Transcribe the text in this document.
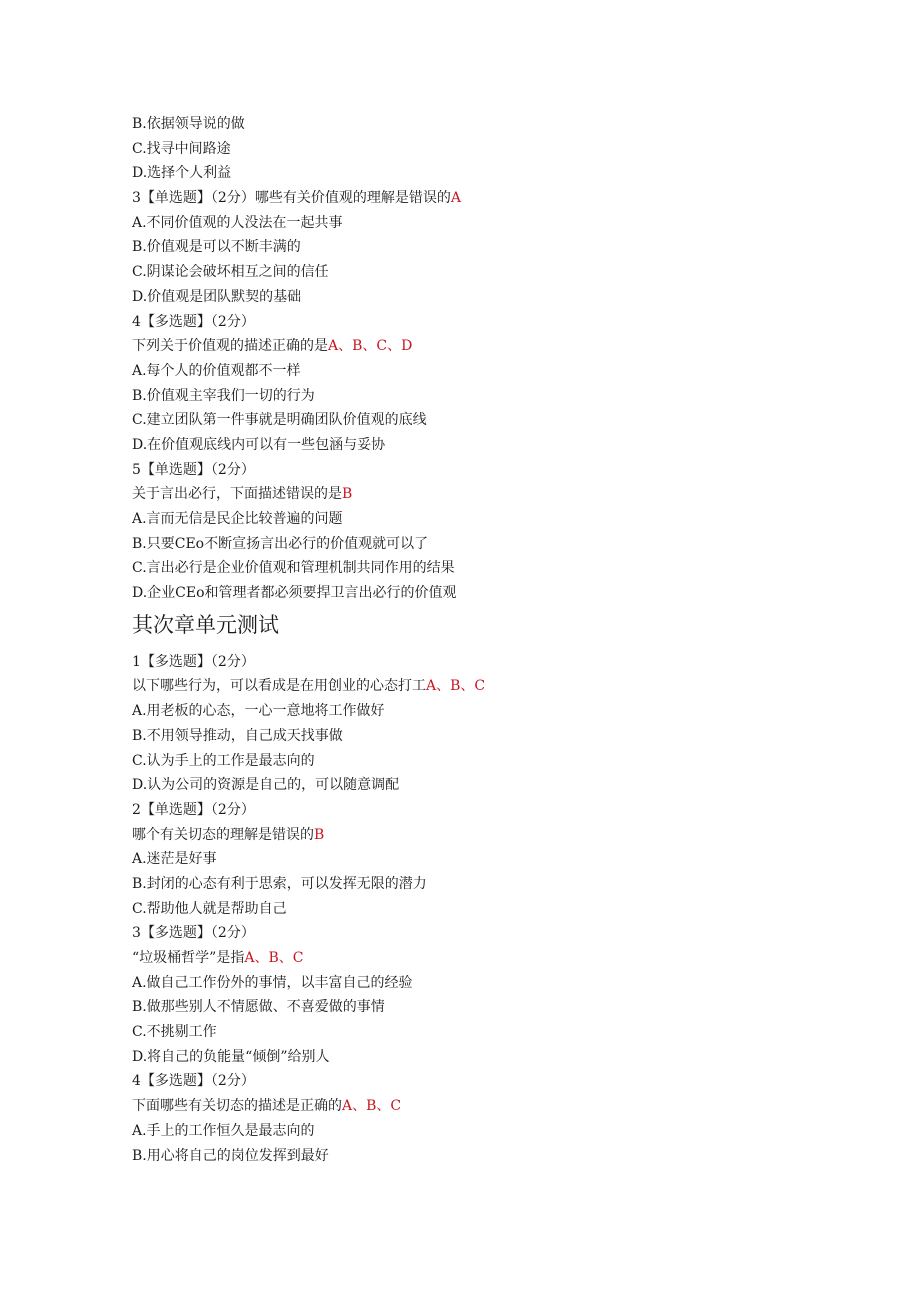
B.依据领导说的做
C.找寻中间路途
D.选择个人利益
3【单选题】（2分）哪些有关价值观的理解是错误的A
A.不同价值观的人没法在一起共事
B.价值观是可以不断丰满的
C.阴谋论会破坏相互之间的信任
D.价值观是团队默契的基础
4【多选题】（2分）
下列关于价值观的描述正确的是A、B、C、D
A.每个人的价值观都不一样
B.价值观主宰我们一切的行为
C.建立团队第一件事就是明确团队价值观的底线
D.在价值观底线内可以有一些包涵与妥协
5【单选题】（2分）
关于言出必行，下面描述错误的是B
A.言而无信是民企比较普遍的问题
B.只要CEo不断宣扬言出必行的价值观就可以了
C.言出必行是企业价值观和管理机制共同作用的结果
D.企业CEo和管理者都必须要捍卫言出必行的价值观
其次章单元测试
1【多选题】（2分）
以下哪些行为，可以看成是在用创业的心态打工A、B、C
A.用老板的心态，一心一意地将工作做好
B.不用领导推动，自己成天找事做
C.认为手上的工作是最志向的
D.认为公司的资源是自己的，可以随意调配
2【单选题】（2分）
哪个有关切态的理解是错误的B
A.迷茫是好事
B.封闭的心态有利于思索，可以发挥无限的潜力
C.帮助他人就是帮助自己
3【多选题】（2分）
“垃圾桶哲学”是指A、B、C
A.做自己工作份外的事情，以丰富自己的经验
B.做那些别人不情愿做、不喜爱做的事情
C.不挑剔工作
D.将自己的负能量“倾倒”给别人
4【多选题】（2分）
下面哪些有关切态的描述是正确的A、B、C
A.手上的工作恒久是最志向的
B.用心将自己的岗位发挥到最好
